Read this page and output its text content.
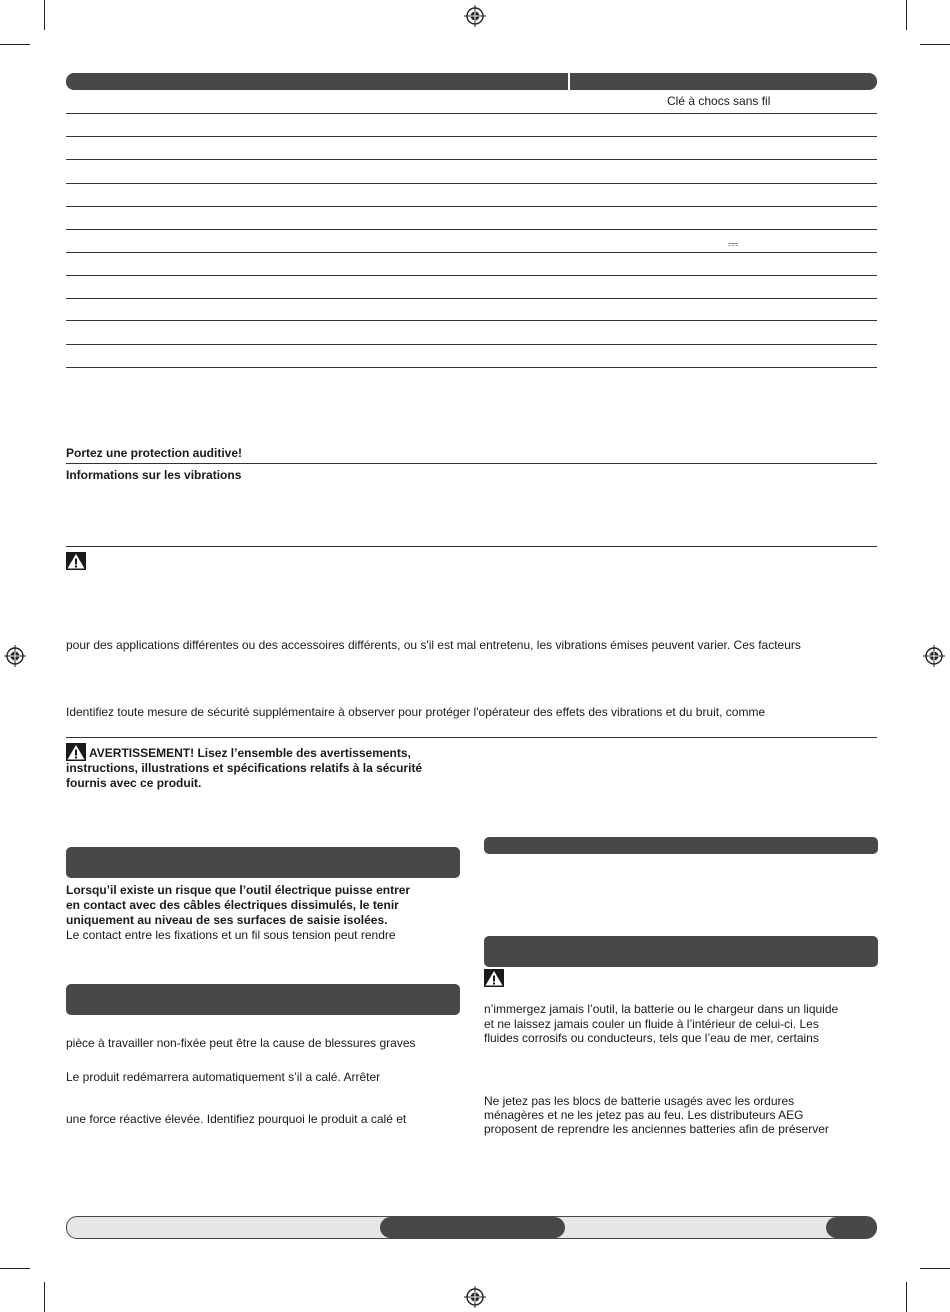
Clé à chocs sans fil
⎓
Portez une protection auditive!
Informations sur les vibrations
pour des applications différentes ou des accessoires différents, ou s'il est mal entretenu, les vibrations émises peuvent varier. Ces facteurs
Identifiez toute mesure de sécurité supplémentaire à observer pour protéger l'opérateur des effets des vibrations et du bruit, comme
AVERTISSEMENT! Lisez l’ensemble des avertissements,
instructions, illustrations et spécifications relatifs à la sécurité
fournis avec ce produit.
Lorsqu’il existe un risque que l’outil électrique puisse entrer
en contact avec des câbles électriques dissimulés, le tenir
uniquement au niveau de ses surfaces de saisie isolées.
Le contact entre les fixations et un fil sous tension peut rendre
pièce à travailler non-fixée peut être la cause de blessures graves
Le produit redémarrera automatiquement s’il a calé. Arrêter
une force réactive élevée. Identifiez pourquoi le produit a calé et
n’immergez jamais l’outil, la batterie ou le chargeur dans un liquide
et ne laissez jamais couler un fluide à l’intérieur de celui-ci. Les
fluides corrosifs ou conducteurs, tels que l’eau de mer, certains
Ne jetez pas les blocs de batterie usagés avec les ordures
ménagères et ne les jetez pas au feu. Les distributeurs AEG
proposent de reprendre les anciennes batteries afin de préserver
